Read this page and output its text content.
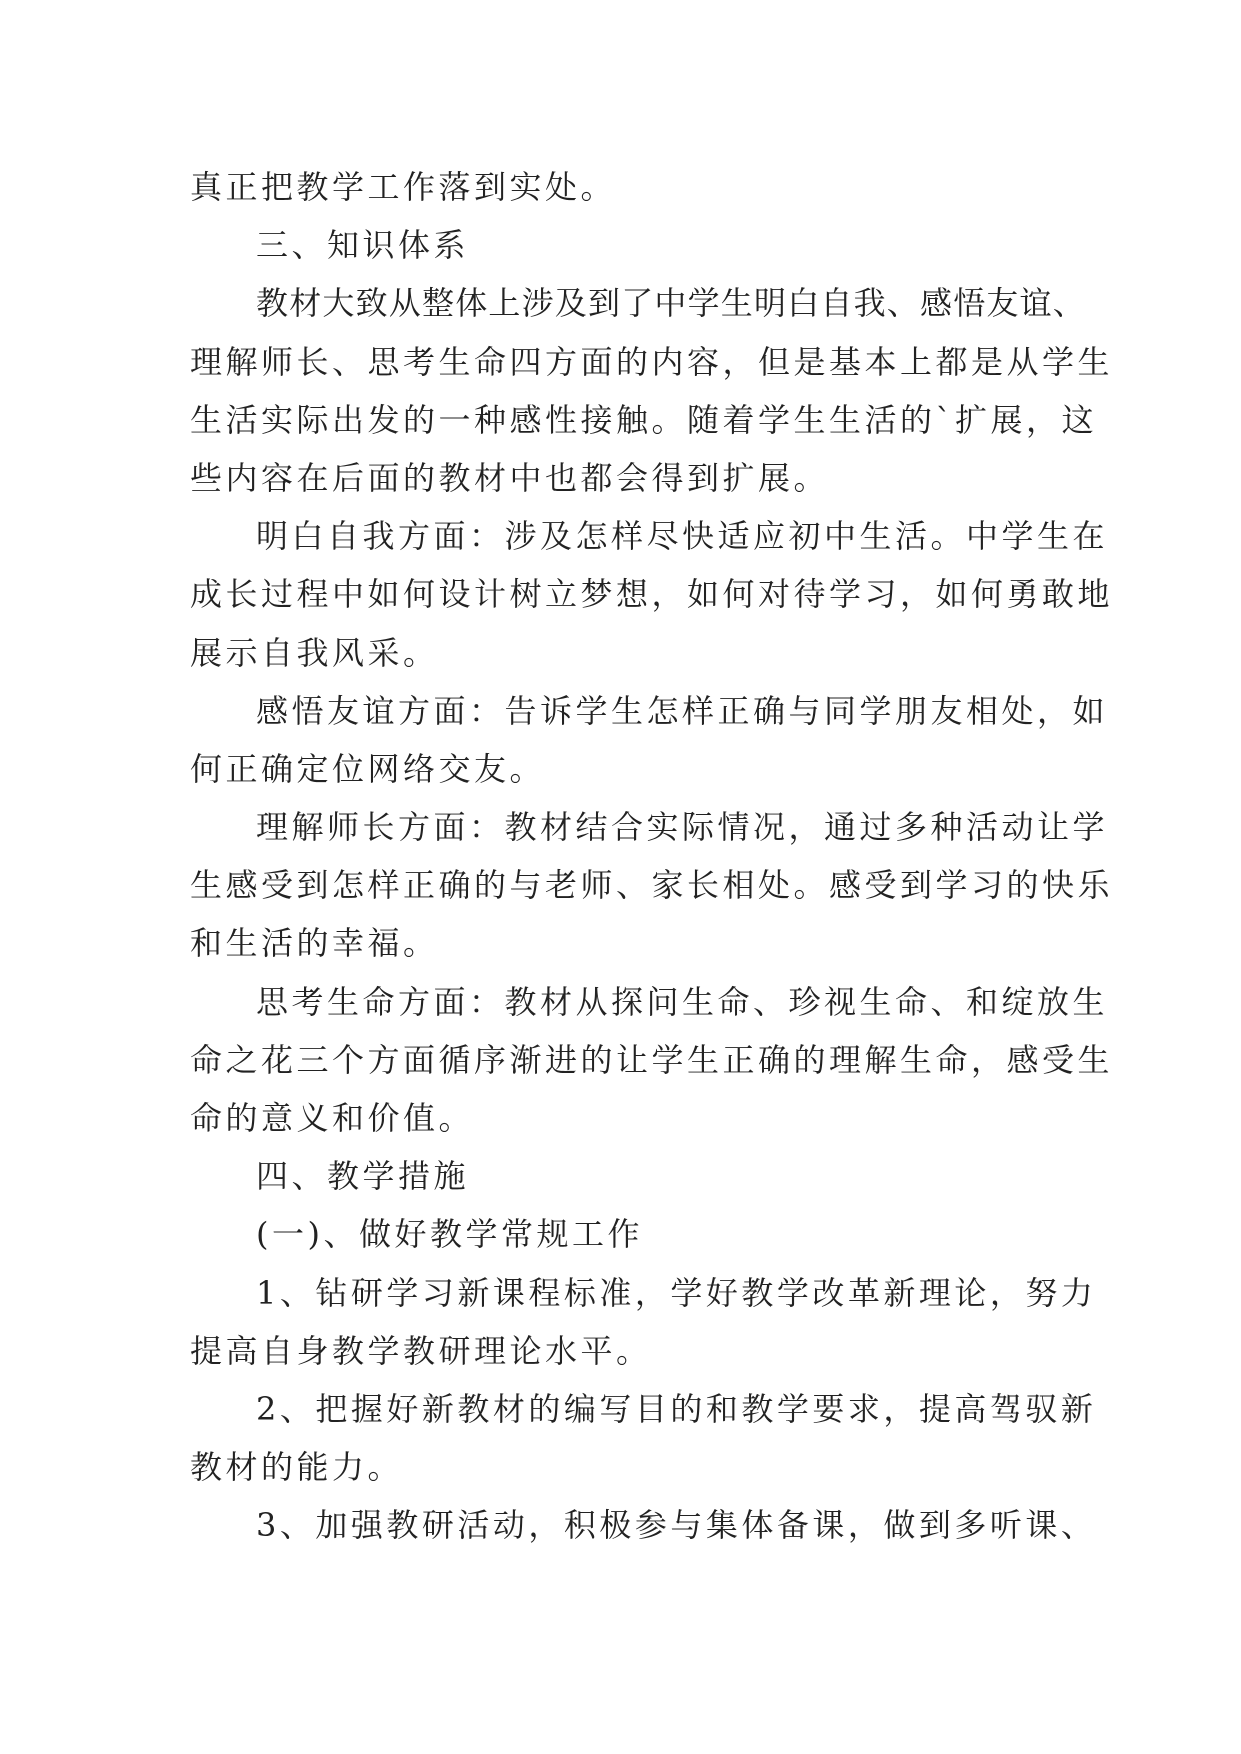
真正把教学工作落到实处。
三、知识体系
教材大致从整体上涉及到了中学生明白自我、感悟友谊、
理解师长、思考生命四方面的内容，但是基本上都是从学生
生活实际出发的一种感性接触。随着学生生活的`扩展，这
些内容在后面的教材中也都会得到扩展。
明白自我方面：涉及怎样尽快适应初中生活。中学生在
成长过程中如何设计树立梦想，如何对待学习，如何勇敢地
展示自我风采。
感悟友谊方面：告诉学生怎样正确与同学朋友相处，如
何正确定位网络交友。
理解师长方面：教材结合实际情况，通过多种活动让学
生感受到怎样正确的与老师、家长相处。感受到学习的快乐
和生活的幸福。
思考生命方面：教材从探问生命、珍视生命、和绽放生
命之花三个方面循序渐进的让学生正确的理解生命，感受生
命的意义和价值。
四、教学措施
(一)、做好教学常规工作
1、钻研学习新课程标准，学好教学改革新理论，努力
提高自身教学教研理论水平。
2、把握好新教材的编写目的和教学要求，提高驾驭新
教材的能力。
3、加强教研活动，积极参与集体备课，做到多听课、
